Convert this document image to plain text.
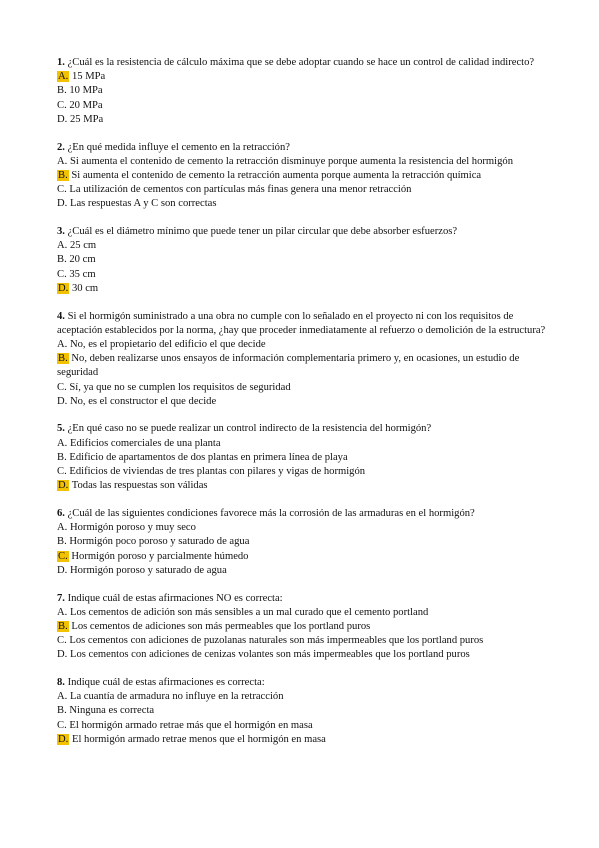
1. ¿Cuál es la resistencia de cálculo máxima que se debe adoptar cuando se hace un control de calidad indirecto?

A. 15 MPa

B. 10 MPa

C. 20 MPa

D. 25 MPa

2. ¿En qué medida influye el cemento en la retracción?

A. Si aumenta el contenido de cemento la retracción disminuye porque aumenta la resistencia del hormigón

B. Si aumenta el contenido de cemento la retracción aumenta porque aumenta la retracción química

C. La utilización de cementos con partículas más finas genera una menor retracción

D. Las respuestas A y C son correctas

3. ¿Cuál es el diámetro mínimo que puede tener un pilar circular que debe absorber esfuerzos?

A. 25 cm

B. 20 cm

C. 35 cm

D. 30 cm

4. Si el hormigón suministrado a una obra no cumple con lo señalado en el proyecto ni con los requisitos de aceptación establecidos por la norma, ¿hay que proceder inmediatamente al refuerzo o demolición de la estructura?

A. No, es el propietario del edificio el que decide

B. No, deben realizarse unos ensayos de información complementaria primero y, en ocasiones, un estudio de seguridad

C. Sí, ya que no se cumplen los requisitos de seguridad

D. No, es el constructor el que decide

5. ¿En qué caso no se puede realizar un control indirecto de la resistencia del hormigón?

A. Edificios comerciales de una planta

B. Edificio de apartamentos de dos plantas en primera línea de playa

C. Edificios de viviendas de tres plantas con pilares y vigas de hormigón

D. Todas las respuestas son válidas

6. ¿Cuál de las siguientes condiciones favorece más la corrosión de las armaduras en el hormigón?

A. Hormigón poroso y muy seco

B. Hormigón poco poroso y saturado de agua

C. Hormigón poroso y parcialmente húmedo

D. Hormigón poroso y saturado de agua

7. Indique cuál de estas afirmaciones NO es correcta:

A. Los cementos de adición son más sensibles a un mal curado que el cemento portland

B. Los cementos de adiciones son más permeables que los portland puros

C. Los cementos con adiciones de puzolanas naturales son más impermeables que los portland puros

D. Los cementos con adiciones de cenizas volantes son más impermeables que los portland puros

8. Indique cuál de estas afirmaciones es correcta:

A. La cuantía de armadura no influye en la retracción

B. Ninguna es correcta

C. El hormigón armado retrae más que el hormigón en masa

D. El hormigón armado retrae menos que el hormigón en masa
